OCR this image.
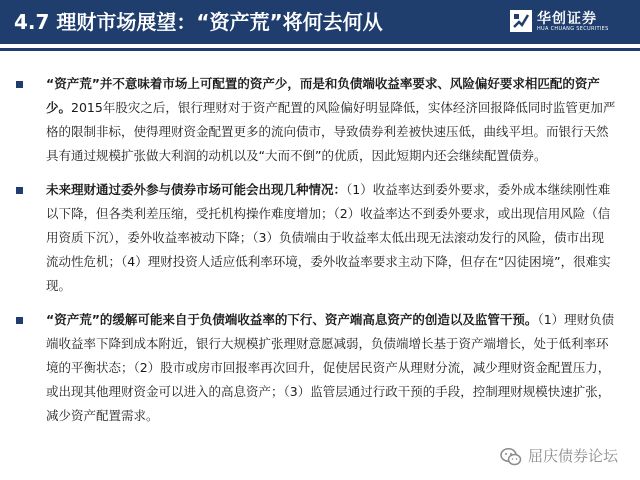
4.7 理财市场展望：“资产荒”将何去何从	华创证券
HUA CHUANG SECURITIES
“资产荒”并不意味着市场上可配置的资产少，而是和负债端收益率要求、风险偏好要求相匹配的资产少。2015年股灾之后，银行理财对于资产配置的风险偏好明显降低，实体经济回报降低同时监管更加严格的限制非标，使得理财资金配置更多的流向债市，导致债券利差被快速压低，曲线平坦。而银行天然具有通过规模扩张做大利润的动机以及“大而不倒”的优质，因此短期内还会继续配置债券。
未来理财通过委外参与债券市场可能会出现几种情况：（1）收益率达到委外要求，委外成本继续刚性难以下降，但各类利差压缩，受托机构操作难度增加；（2）收益率达不到委外要求，或出现信用风险（信用资质下沉），委外收益率被动下降；（3）负债端由于收益率太低出现无法滚动发行的风险，债市出现流动性危机；（4）理财投资人适应低利率环境，委外收益率要求主动下降，但存在“囚徒困境”，很难实现。
“资产荒”的缓解可能来自于负债端收益率的下行、资产端高息资产的创造以及监管干预。（1）理财负债端收益率下降到成本附近，银行大规模扩张理财意愿减弱，负债端增长基于资产端增长，处于低利率环境的平衡状态；（2）股市或房市回报率再次回升，促使居民资产从理财分流，减少理财资金配置压力，或出现其他理财资金可以进入的高息资产；（3）监管层通过行政干预的手段，控制理财规模快速扩张，减少资产配置需求。
屈庆债券论坛
